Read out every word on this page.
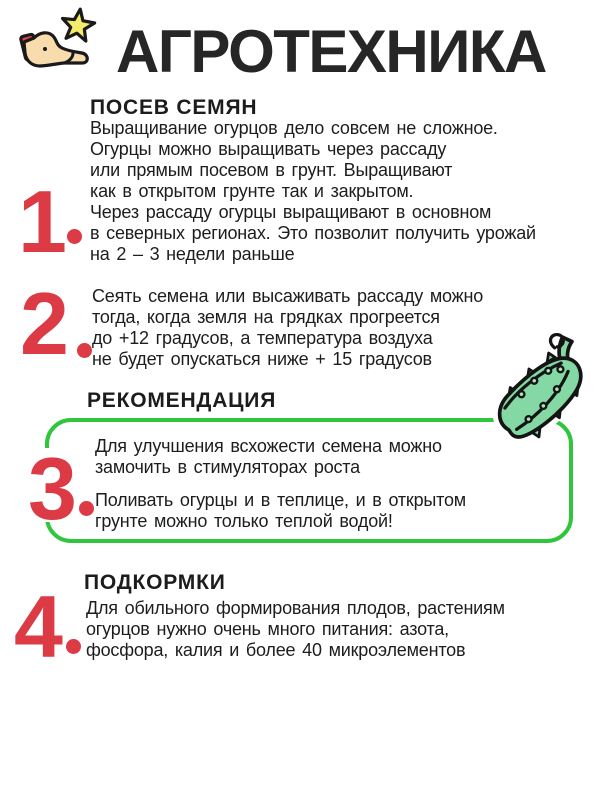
АГРОТЕХНИКА
1
ПОСЕВ СЕМЯН
Выращивание огурцов дело совсем не сложное.
Огурцы можно выращивать через рассаду
или прямым посевом в грунт. Выращивают
как в открытом грунте так и закрытом.
Через рассаду огурцы выращивают в основном
в северных регионах. Это позволит получить урожай
на 2 – 3 недели раньше
2 Сеять семена или высаживать рассаду можно
тогда, когда земля на грядках прогреется
до +12 градусов, а температура воздуха
не будет опускаться ниже + 15 градусов
РЕКОМЕНДАЦИЯ
3 Для улучшения всхожести семена можно
замочить в стимуляторах роста
Поливать огурцы и в теплице, и в открытом
грунте можно только теплой водой!
4 ПОДКОРМКИ
Для обильного формирования плодов, растениям
огурцов нужно очень много питания: азота,
фосфора, калия и более 40 микроэлементов
